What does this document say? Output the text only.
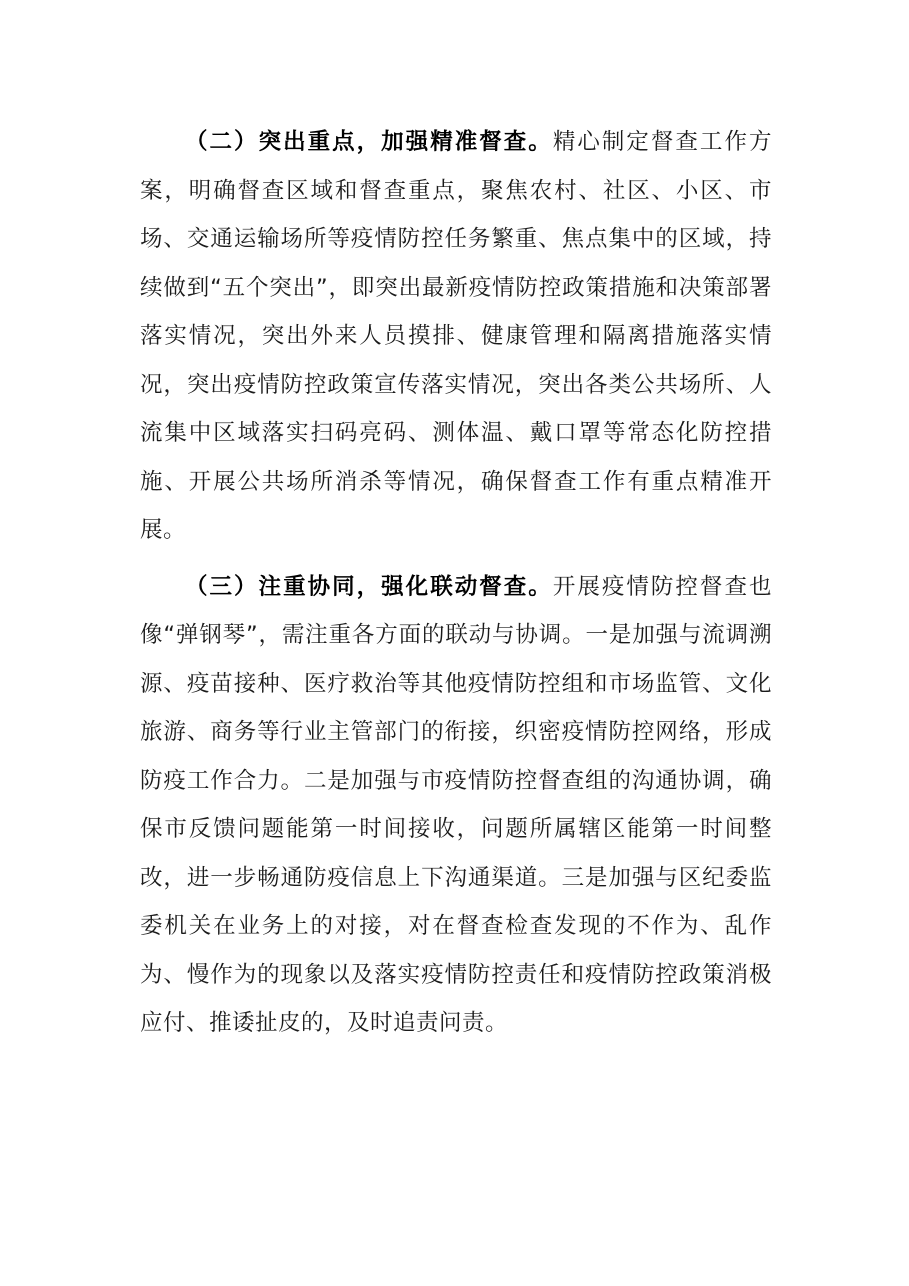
（二）突出重点，加强精准督查。精心制定督查工作方案，明确督查区域和督查重点，聚焦农村、社区、小区、市场、交通运输场所等疫情防控任务繁重、焦点集中的区域，持续做到“五个突出”，即突出最新疫情防控政策措施和决策部署落实情况，突出外来人员摸排、健康管理和隔离措施落实情况，突出疫情防控政策宣传落实情况，突出各类公共场所、人流集中区域落实扫码亮码、测体温、戴口罩等常态化防控措施、开展公共场所消杀等情况，确保督查工作有重点精准开展。

（三）注重协同，强化联动督查。开展疫情防控督查也像“弹钢琴”，需注重各方面的联动与协调。一是加强与流调溯源、疫苗接种、医疗救治等其他疫情防控组和市场监管、文化旅游、商务等行业主管部门的衔接，织密疫情防控网络，形成防疫工作合力。二是加强与市疫情防控督查组的沟通协调，确保市反馈问题能第一时间接收，问题所属辖区能第一时间整改，进一步畅通防疫信息上下沟通渠道。三是加强与区纪委监委机关在业务上的对接，对在督查检查发现的不作为、乱作为、慢作为的现象以及落实疫情防控责任和疫情防控政策消极应付、推诿扯皮的，及时追责问责。
